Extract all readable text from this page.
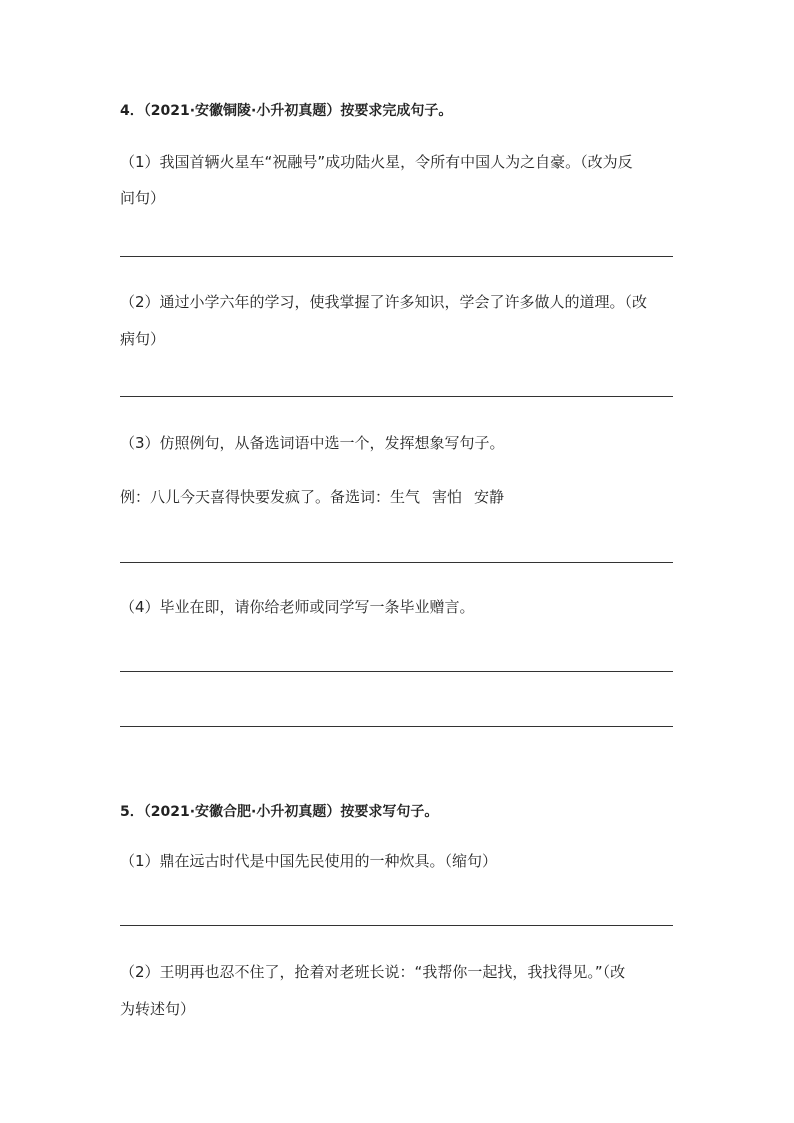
4．（2021·安徽铜陵·小升初真题）按要求完成句子。
（1）我国首辆火星车“祝融号”成功陆火星，令所有中国人为之自豪。（改为反
问句）
（2）通过小学六年的学习，使我掌握了许多知识，学会了许多做人的道理。（改
病句）
（3）仿照例句，从备选词语中选一个，发挥想象写句子。
例：八儿今天喜得快要发疯了。备选词：生气 害怕 安静
（4）毕业在即，请你给老师或同学写一条毕业赠言。
5．（2021·安徽合肥·小升初真题）按要求写句子。
（1）鼎在远古时代是中国先民使用的一种炊具。（缩句）
（2）王明再也忍不住了，抢着对老班长说：“我帮你一起找，我找得见。”（改
为转述句）
